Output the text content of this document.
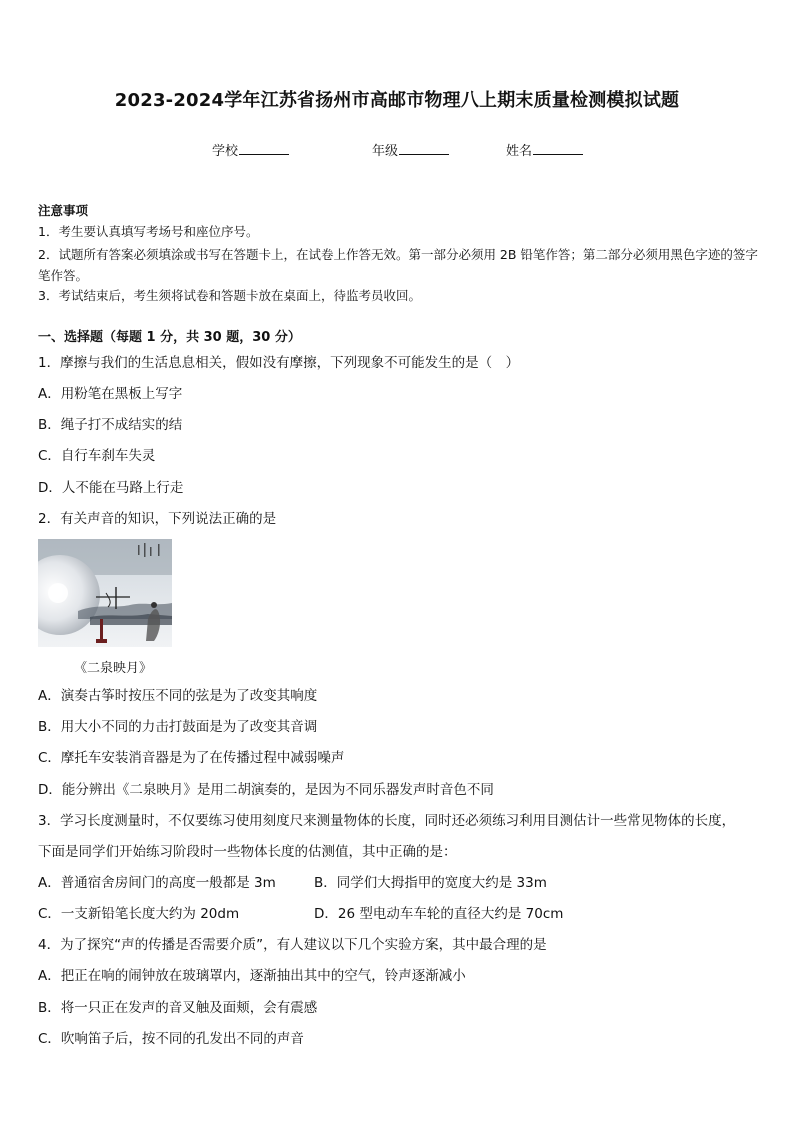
2023-2024学年江苏省扬州市高邮市物理八上期末质量检测模拟试题
学校	年级	姓名
注意事项
1．考生要认真填写考场号和座位序号。
2．试题所有答案必须填涂或书写在答题卡上，在试卷上作答无效。第一部分必须用 2B 铅笔作答；第二部分必须用黑色字迹的签字笔作答。
3．考试结束后，考生须将试卷和答题卡放在桌面上，待监考员收回。
一、选择题（每题 1 分，共 30 题，30 分）
1．摩擦与我们的生活息息相关，假如没有摩擦，下列现象不可能发生的是（　）
A．用粉笔在黑板上写字
B．绳子打不成结实的结
C．自行车刹车失灵
D．人不能在马路上行走
2．有关声音的知识，下列说法正确的是
《二泉映月》
A．演奏古筝时按压不同的弦是为了改变其响度
B．用大小不同的力击打鼓面是为了改变其音调
C．摩托车安装消音器是为了在传播过程中减弱噪声
D．能分辨出《二泉映月》是用二胡演奏的，是因为不同乐器发声时音色不同
3．学习长度测量时，不仅要练习使用刻度尺来测量物体的长度，同时还必须练习利用目测估计一些常见物体的长度，
下面是同学们开始练习阶段时一些物体长度的估测值，其中正确的是：
A．普通宿舍房间门的高度一般都是 3m	B．同学们大拇指甲的宽度大约是 33m
C．一支新铅笔长度大约为 20dm	D．26 型电动车车轮的直径大约是 70cm
4．为了探究“声的传播是否需要介质”，有人建议以下几个实验方案，其中最合理的是
A．把正在响的闹钟放在玻璃罩内，逐渐抽出其中的空气，铃声逐渐减小
B．将一只正在发声的音叉触及面颊，会有震感
C．吹响笛子后，按不同的孔发出不同的声音
